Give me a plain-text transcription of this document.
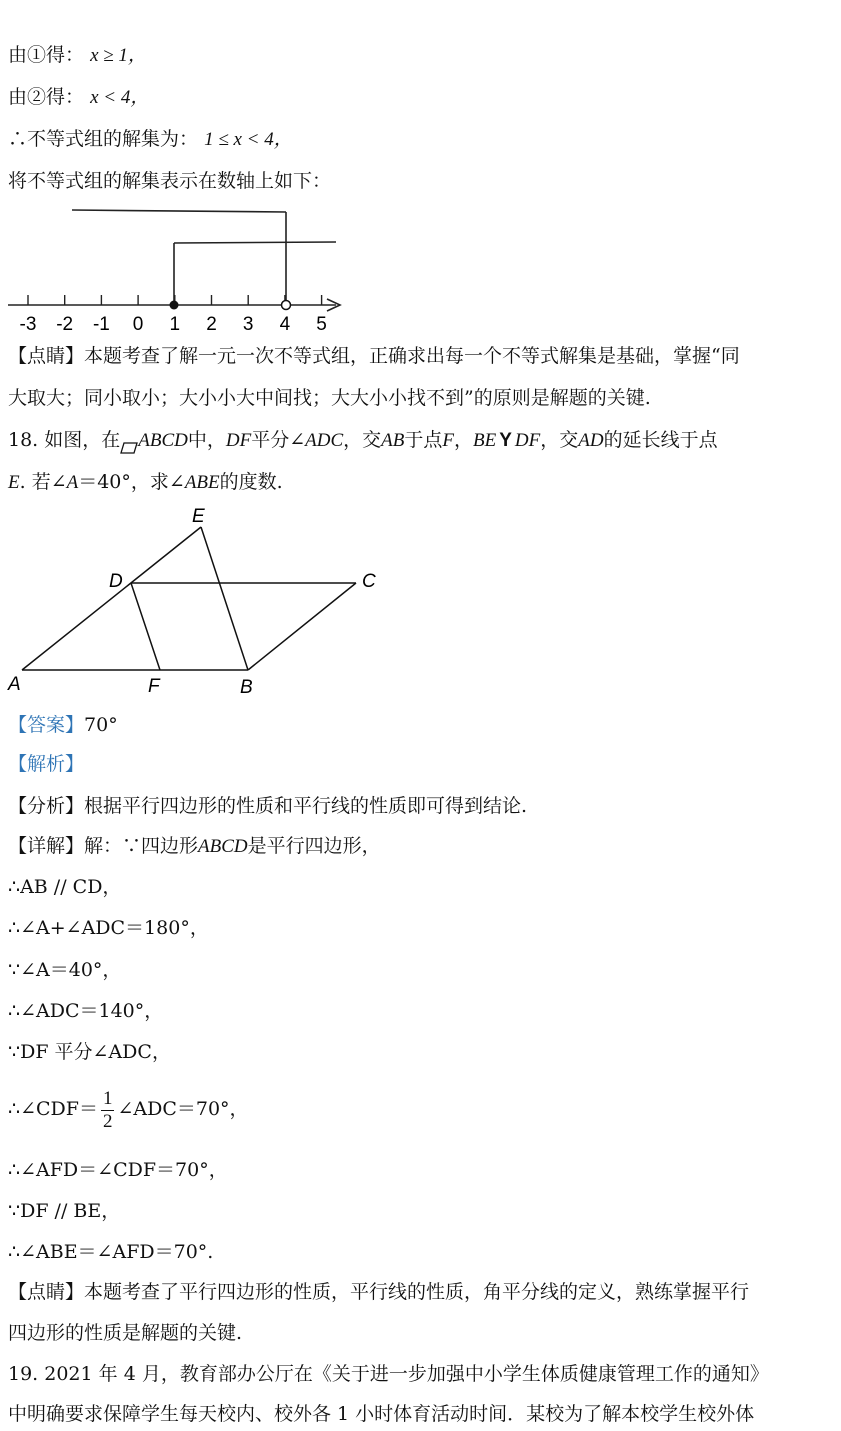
由①得： x ≥ 1，
由②得： x < 4，
∴不等式组的解集为： 1 ≤ x < 4，
将不等式组的解集表示在数轴上如下：
-3 -2 -1 0 1 2 3 4 5
【点睛】本题考查了解一元一次不等式组，正确求出每一个不等式解集是基础，掌握“同
大取大；同小取小；大小小大中间找；大大小小找不到”的原则是解题的关键.
18. 如图，在 ABCD中，DF平分∠ADC，交AB于点F，BE Y DF，交AD的延长线于点
E. 若∠A＝40°，求∠ABE的度数.
E
D	C
A	F	B
【答案】70°
【解析】
【分析】根据平行四边形的性质和平行线的性质即可得到结论.
【详解】解：∵四边形ABCD是平行四边形，
∴AB // CD，
∴∠A+∠ADC＝180°，
∵∠A＝40°，
∴∠ADC＝140°，
∵DF 平分∠ADC，
∴∠CDF＝ $\frac{1}{2}$ ∠ADC＝70°，
∴∠AFD＝∠CDF＝70°，
∵DF // BE，
∴∠ABE＝∠AFD＝70°.
【点睛】本题考查了平行四边形的性质，平行线的性质，角平分线的定义，熟练掌握平行
四边形的性质是解题的关键.
19. 2021 年 4 月，教育部办公厅在《关于进一步加强中小学生体质健康管理工作的通知》
中明确要求保障学生每天校内、校外各 1 小时体育活动时间．某校为了解本校学生校外体
